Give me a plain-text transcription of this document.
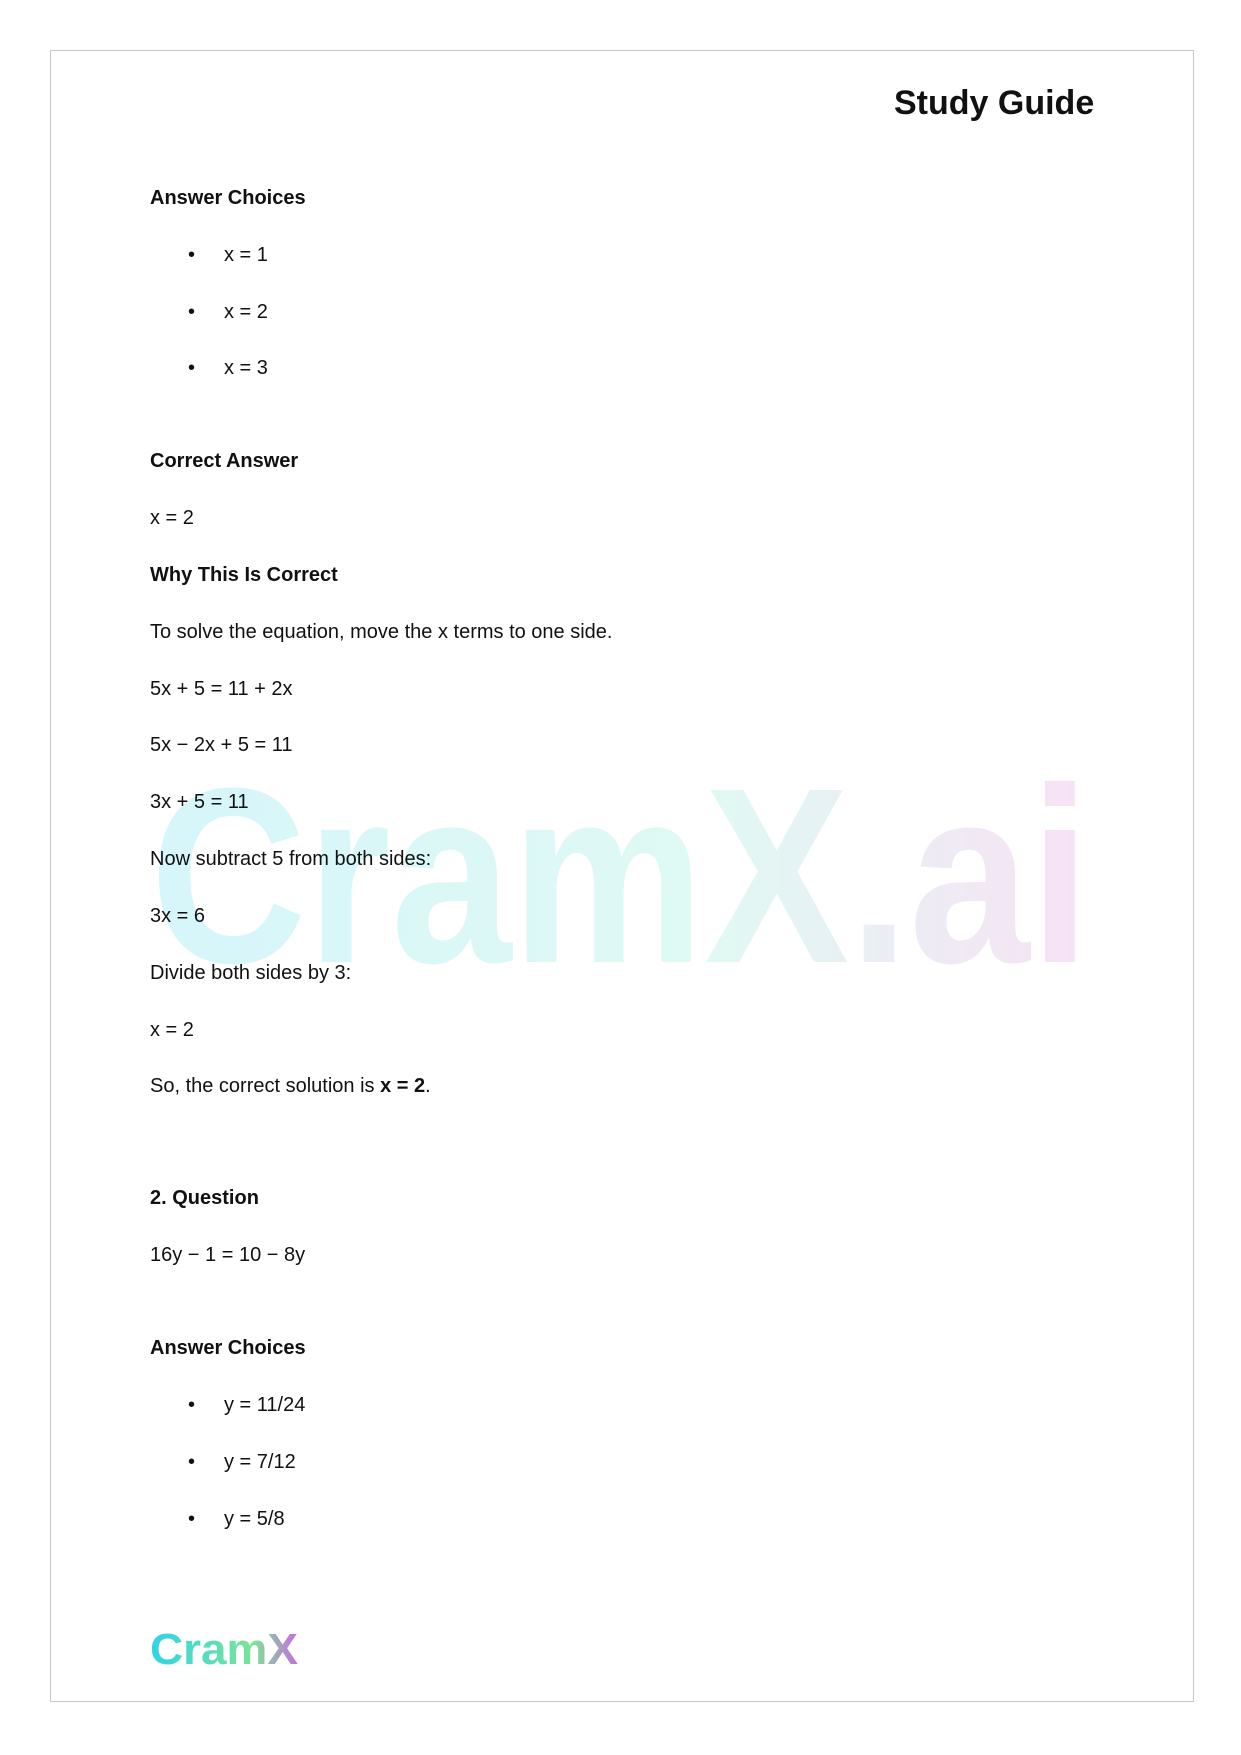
CramX.ai
Study Guide

Answer Choices

• x = 1
• x = 2
• x = 3

Correct Answer

x = 2

Why This Is Correct

To solve the equation, move the x terms to one side.

5x + 5 = 11 + 2x

5x − 2x + 5 = 11

3x + 5 = 11

Now subtract 5 from both sides:

3x = 6

Divide both sides by 3:

x = 2

So, the correct solution is x = 2.

2. Question

16y − 1 = 10 − 8y

Answer Choices

• y = 11/24
• y = 7/12
• y = 5/8
CramX
